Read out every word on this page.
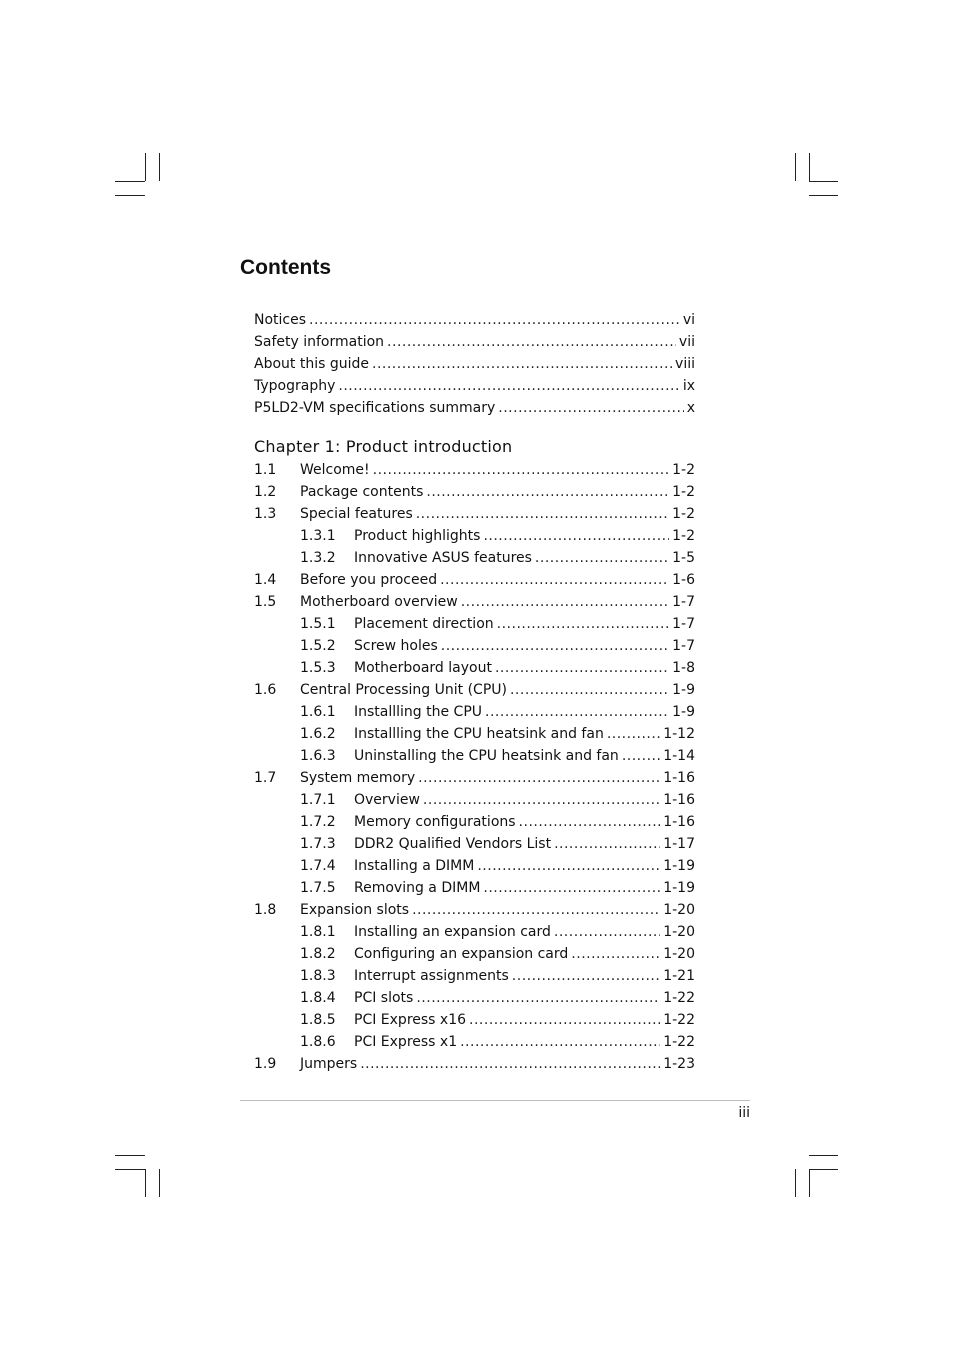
Contents
Notices .....	vi
Safety information .....	vii
About this guide .....	viii
Typography .....	ix
P5LD2-VM specifications summary .....	x
Chapter 1: Product introduction
1.1	Welcome! .....	1-2
1.2	Package contents .....	1-2
1.3	Special features .....	1-2
1.3.1	Product highlights .....	1-2
1.3.2	Innovative ASUS features .....	1-5
1.4	Before you proceed .....	1-6
1.5	Motherboard overview .....	1-7
1.5.1	Placement direction .....	1-7
1.5.2	Screw holes .....	1-7
1.5.3	Motherboard layout .....	1-8
1.6	Central Processing Unit (CPU) .....	1-9
1.6.1	Installling the CPU .....	1-9
1.6.2	Installling the CPU heatsink and fan .....	1-12
1.6.3	Uninstalling the CPU heatsink and fan .....	1-14
1.7	System memory .....	1-16
1.7.1	Overview .....	1-16
1.7.2	Memory configurations .....	1-16
1.7.3	DDR2 Qualified Vendors List .....	1-17
1.7.4	Installing a DIMM .....	1-19
1.7.5	Removing a DIMM .....	1-19
1.8	Expansion slots .....	1-20
1.8.1	Installing an expansion card .....	1-20
1.8.2	Configuring an expansion card .....	1-20
1.8.3	Interrupt assignments .....	1-21
1.8.4	PCI slots .....	1-22
1.8.5	PCI Express x16 .....	1-22
1.8.6	PCI Express x1 .....	1-22
1.9	Jumpers .....	1-23
iii
